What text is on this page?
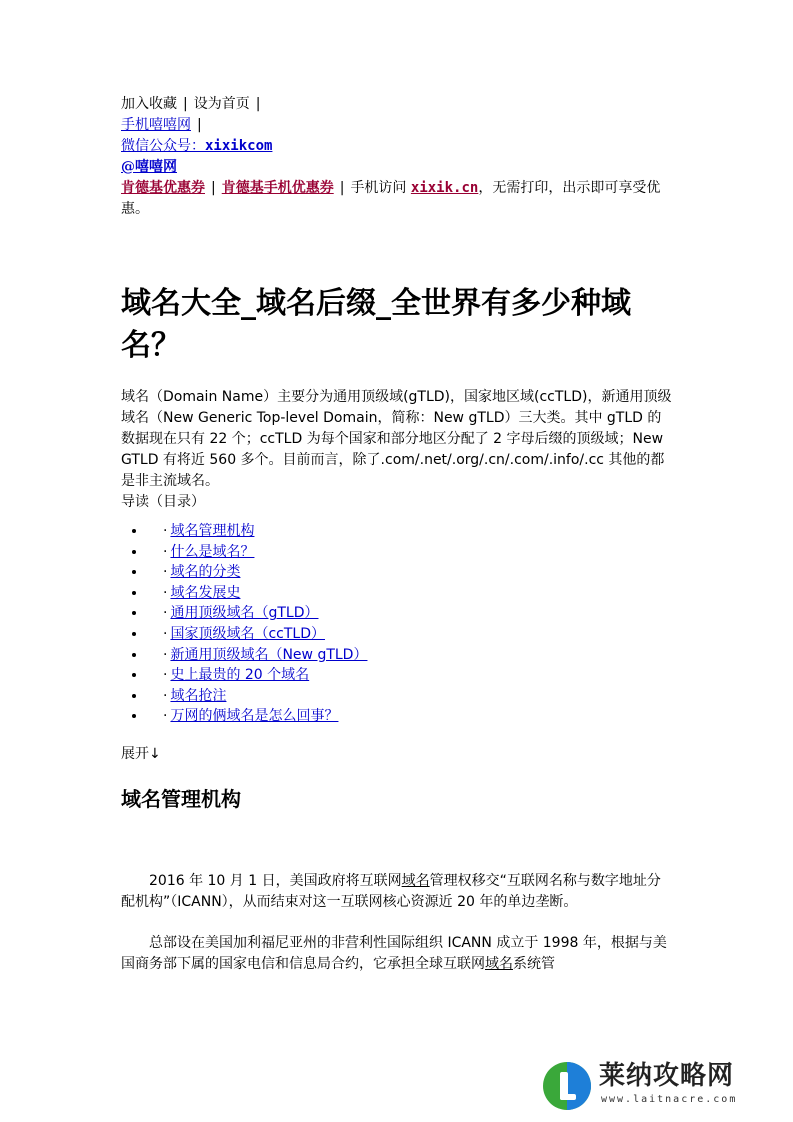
加入收藏 | 设为首页 |
手机嘻嘻网 |
微信公众号：xixikcom
@嘻嘻网
肯德基优惠券 | 肯德基手机优惠券 | 手机访问 xixik.cn，无需打印，出示即可享受优惠。
域名大全_域名后缀_全世界有多少种域名？
域名（Domain Name）主要分为通用顶级域(gTLD)，国家地区域(ccTLD)，新通用顶级域名（New Generic Top-level Domain，简称：New gTLD）三大类。其中 gTLD 的数据现在只有 22 个；ccTLD 为每个国家和部分地区分配了 2 字母后缀的顶级域；New GTLD 有将近 560 多个。目前而言，除了.com/.net/.org/.cn/.com/.info/.cc 其他的都是非主流域名。
导读（目录）
• · 域名管理机构
• · 什么是域名？
• · 域名的分类
• · 域名发展史
• · 通用顶级域名（gTLD）
• · 国家顶级域名（ccTLD）
• · 新通用顶级域名（New gTLD）
• · 史上最贵的 20 个域名
• · 域名抢注
• · 万网的俩域名是怎么回事？
展开↓
域名管理机构

2016 年 10 月 1 日，美国政府将互联网域名管理权移交“互联网名称与数字地址分配机构”（ICANN），从而结束对这一互联网核心资源近 20 年的单边垄断。

总部设在美国加利福尼亚州的非营利性国际组织 ICANN 成立于 1998 年，根据与美国商务部下属的国家电信和信息局合约，它承担全球互联网域名系统管

莱纳攻略网
www.laitnacre.com
